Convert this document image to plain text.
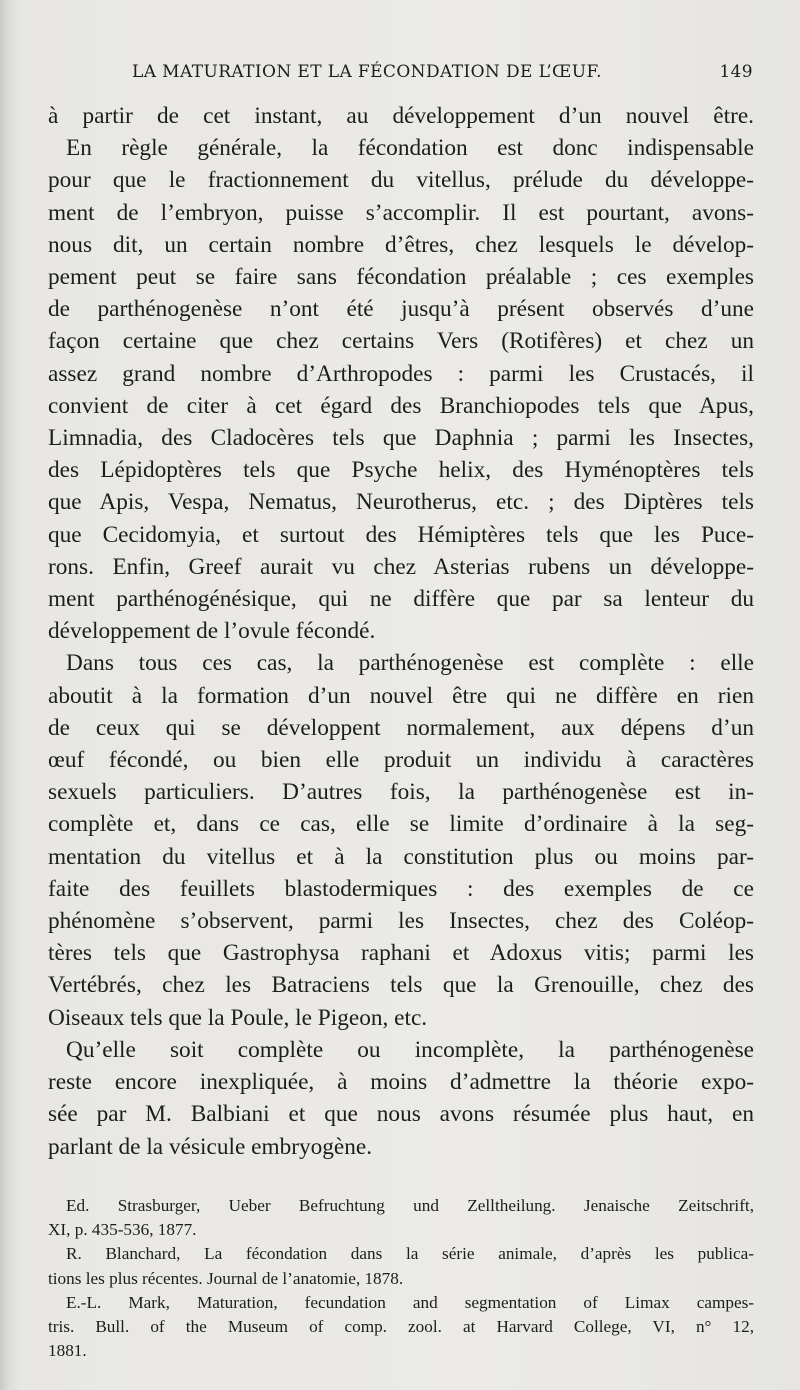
LA MATURATION ET LA FÉCONDATION DE L’ŒUF.	149
à partir de cet instant, au développement d’un nouvel être.
En règle générale, la fécondation est donc indispensable
pour que le fractionnement du vitellus, prélude du développe-
ment de l’embryon, puisse s’accomplir. Il est pourtant, avons-
nous dit, un certain nombre d’êtres, chez lesquels le dévelop-
pement peut se faire sans fécondation préalable ; ces exemples
de parthénogenèse n’ont été jusqu’à présent observés d’une
façon certaine que chez certains Vers (Rotifères) et chez un
assez grand nombre d’Arthropodes : parmi les Crustacés, il
convient de citer à cet égard des Branchiopodes tels que Apus,
Limnadia, des Cladocères tels que Daphnia ; parmi les Insectes,
des Lépidoptères tels que Psyche helix, des Hyménoptères tels
que Apis, Vespa, Nematus, Neurotherus, etc. ; des Diptères tels
que Cecidomyia, et surtout des Hémiptères tels que les Puce-
rons. Enfin, Greef aurait vu chez Asterias rubens un développe-
ment parthénogénésique, qui ne diffère que par sa lenteur du
développement de l’ovule fécondé.
Dans tous ces cas, la parthénogenèse est complète : elle
aboutit à la formation d’un nouvel être qui ne diffère en rien
de ceux qui se développent normalement, aux dépens d’un
œuf fécondé, ou bien elle produit un individu à caractères
sexuels particuliers. D’autres fois, la parthénogenèse est in-
complète et, dans ce cas, elle se limite d’ordinaire à la seg-
mentation du vitellus et à la constitution plus ou moins par-
faite des feuillets blastodermiques : des exemples de ce
phénomène s’observent, parmi les Insectes, chez des Coléop-
tères tels que Gastrophysa raphani et Adoxus vitis; parmi les
Vertébrés, chez les Batraciens tels que la Grenouille, chez des
Oiseaux tels que la Poule, le Pigeon, etc.
Qu’elle soit complète ou incomplète, la parthénogenèse
reste encore inexpliquée, à moins d’admettre la théorie expo-
sée par M. Balbiani et que nous avons résumée plus haut, en
parlant de la vésicule embryogène.
Ed. Strasburger, Ueber Befruchtung und Zelltheilung. Jenaische Zeitschrift,
XI, p. 435-536, 1877.
R. Blanchard, La fécondation dans la série animale, d’après les publica-
tions les plus récentes. Journal de l’anatomie, 1878.
E.-L. Mark, Maturation, fecundation and segmentation of Limax campes-
tris. Bull. of the Museum of comp. zool. at Harvard College, VI, n° 12,
1881.
